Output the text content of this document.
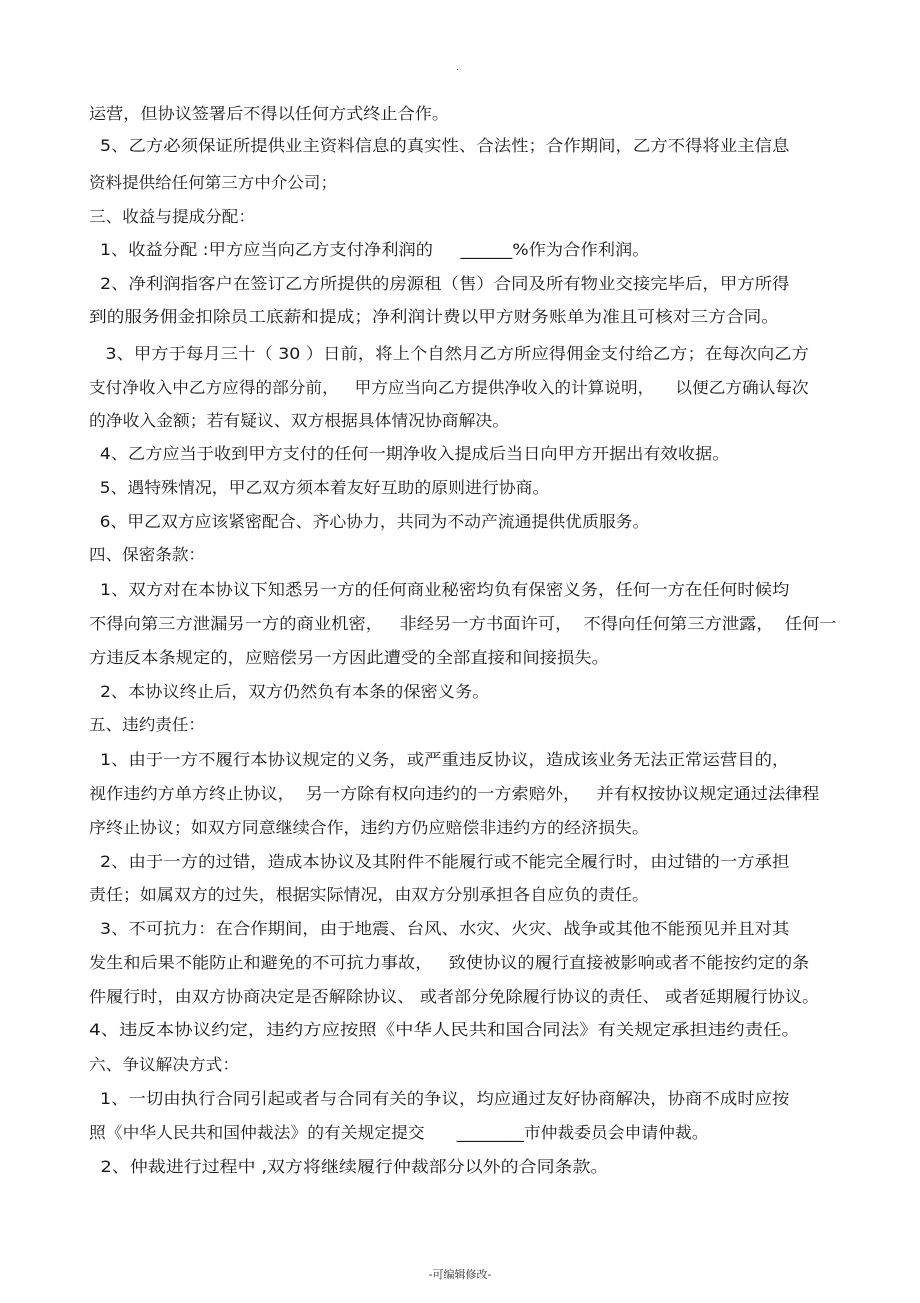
.
运营，但协议签署后不得以任何方式终止合作。
5、乙方必须保证所提供业主资料信息的真实性、合法性；合作期间，乙方不得将业主信息
资料提供给任何第三方中介公司；
三、收益与提成分配：
1、收益分配 :甲方应当向乙方支付净利润的     ______%作为合作利润。
2、净利润指客户在签订乙方所提供的房源租（售）合同及所有物业交接完毕后，甲方所得
到的服务佣金扣除员工底薪和提成；净利润计费以甲方财务账单为准且可核对三方合同。
3、甲方于每月三十（ 30 ）日前，将上个自然月乙方所应得佣金支付给乙方；在每次向乙方
支付净收入中乙方应得的部分前，   甲方应当向乙方提供净收入的计算说明，    以便乙方确认每次
的净收入金额；若有疑议、双方根据具体情况协商解决。
4、乙方应当于收到甲方支付的任何一期净收入提成后当日向甲方开据出有效收据。
5、遇特殊情况，甲乙双方须本着友好互助的原则进行协商。
6、甲乙双方应该紧密配合、齐心协力，共同为不动产流通提供优质服务。
四、保密条款：
1、双方对在本协议下知悉另一方的任何商业秘密均负有保密义务，任何一方在任何时候均
不得向第三方泄漏另一方的商业机密，   非经另一方书面许可，  不得向任何第三方泄露，  任何一
方违反本条规定的，应赔偿另一方因此遭受的全部直接和间接损失。
2、本协议终止后，双方仍然负有本条的保密义务。
五、违约责任：
1、由于一方不履行本协议规定的义务，或严重违反协议，造成该业务无法正常运营目的，
视作违约方单方终止协议，  另一方除有权向违约的一方索赔外，   并有权按协议规定通过法律程
序终止协议；如双方同意继续合作，违约方仍应赔偿非违约方的经济损失。
2、由于一方的过错，造成本协议及其附件不能履行或不能完全履行时，由过错的一方承担
责任；如属双方的过失，根据实际情况，由双方分别承担各自应负的责任。
3、不可抗力：在合作期间，由于地震、台风、水灾、火灾、战争或其他不能预见并且对其
发生和后果不能防止和避免的不可抗力事故，   致使协议的履行直接被影响或者不能按约定的条
件履行时，由双方协商决定是否解除协议、 或者部分免除履行协议的责任、 或者延期履行协议。
4、违反本协议约定，违约方应按照《中华人民共和国合同法》有关规定承担违约责任。
六、争议解决方式：
1、一切由执行合同引起或者与合同有关的争议，均应通过友好协商解决，协商不成时应按
照《中华人民共和国仲裁法》的有关规定提交      ________市仲裁委员会申请仲裁。
2、仲裁进行过程中 ,双方将继续履行仲裁部分以外的合同条款。
-可编辑修改-
